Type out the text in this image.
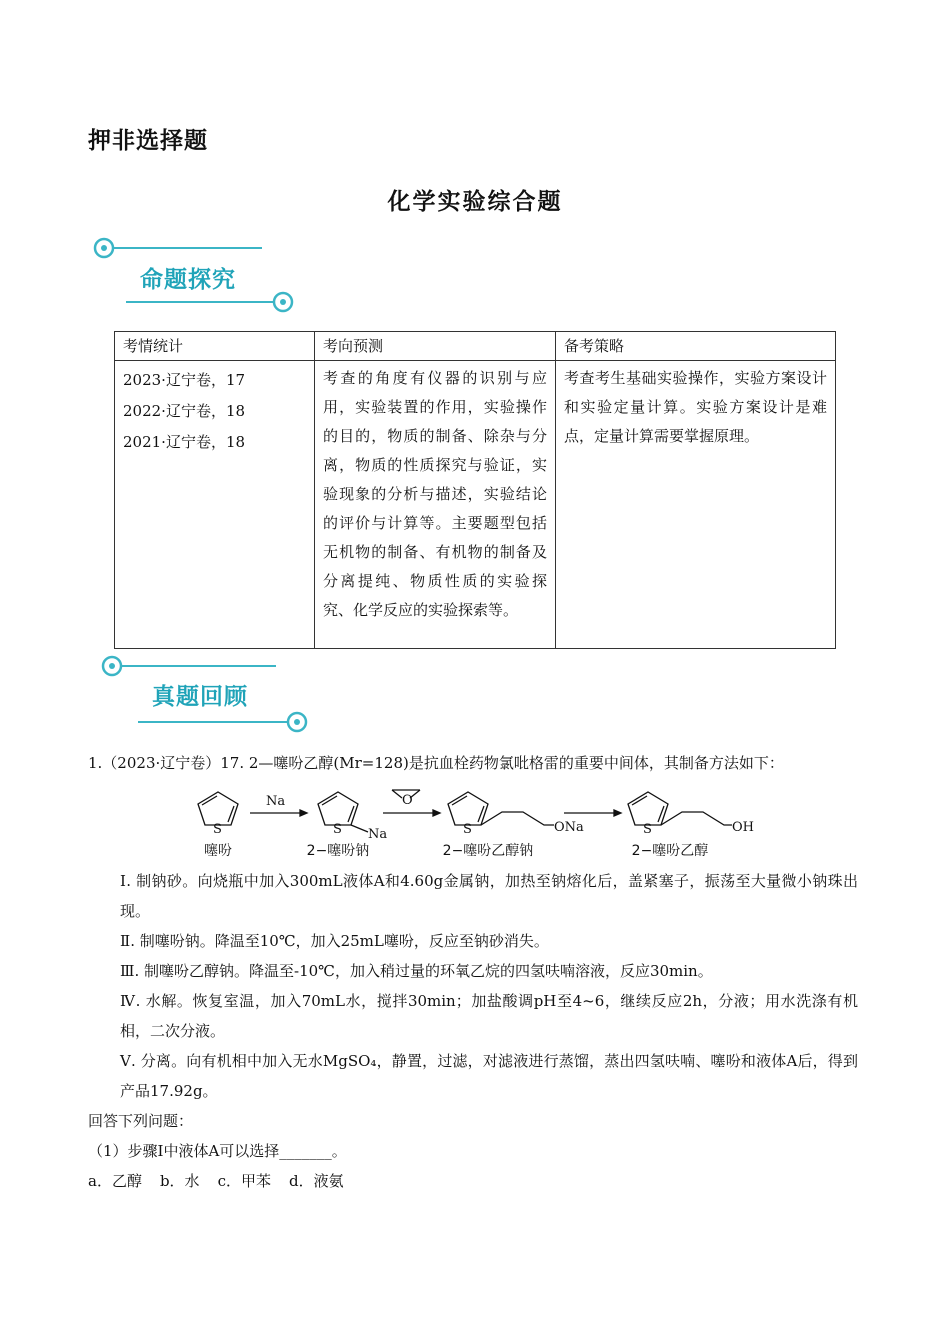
押非选择题
化学实验综合题
命题探究
考情统计	考向预测	备考策略

2023·辽宁卷，17
2022·辽宁卷，18
2021·辽宁卷，18	考查的角度有仪器的识别与应用，实验装置的作用，实验操作的目的，物质的制备、除杂与分离，物质的性质探究与验证，实验现象的分析与描述，实验结论的评价与计算等。主要题型包括无机物的制备、有机物的制备及分离提纯、物质性质的实验探究、化学反应的实验探索等。	考查考生基础实验操作，实验方案设计和实验定量计算。实验方案设计是难点，定量计算需要掌握原理。
真题回顾
1.（2023·辽宁卷）17. 2—噻吩乙醇(Mr=128)是抗血栓药物氯吡格雷的重要中间体，其制备方法如下：
S
Na
S Na
O
S	ONa	S	OH
噻吩	2−噻吩钠	2−噻吩乙醇钠	2−噻吩乙醇
Ⅰ. 制钠砂。向烧瓶中加入300mL液体A和4.60g金属钠，加热至钠熔化后，盖紧塞子，振荡至大量微小钠珠出现。
Ⅱ. 制噻吩钠。降温至10℃，加入25mL噻吩，反应至钠砂消失。
Ⅲ. 制噻吩乙醇钠。降温至-10℃，加入稍过量的环氧乙烷的四氢呋喃溶液，反应30min。
Ⅳ. 水解。恢复室温，加入70mL水，搅拌30min；加盐酸调pH至4~6，继续反应2h，分液；用水洗涤有机相，二次分液。
Ⅴ. 分离。向有机相中加入无水MgSO₄，静置，过滤，对滤液进行蒸馏，蒸出四氢呋喃、噻吩和液体A后，得到产品17.92g。
回答下列问题：
（1）步骤Ⅰ中液体A可以选择_______。
a．乙醇 b．水 c．甲苯 d．液氨
